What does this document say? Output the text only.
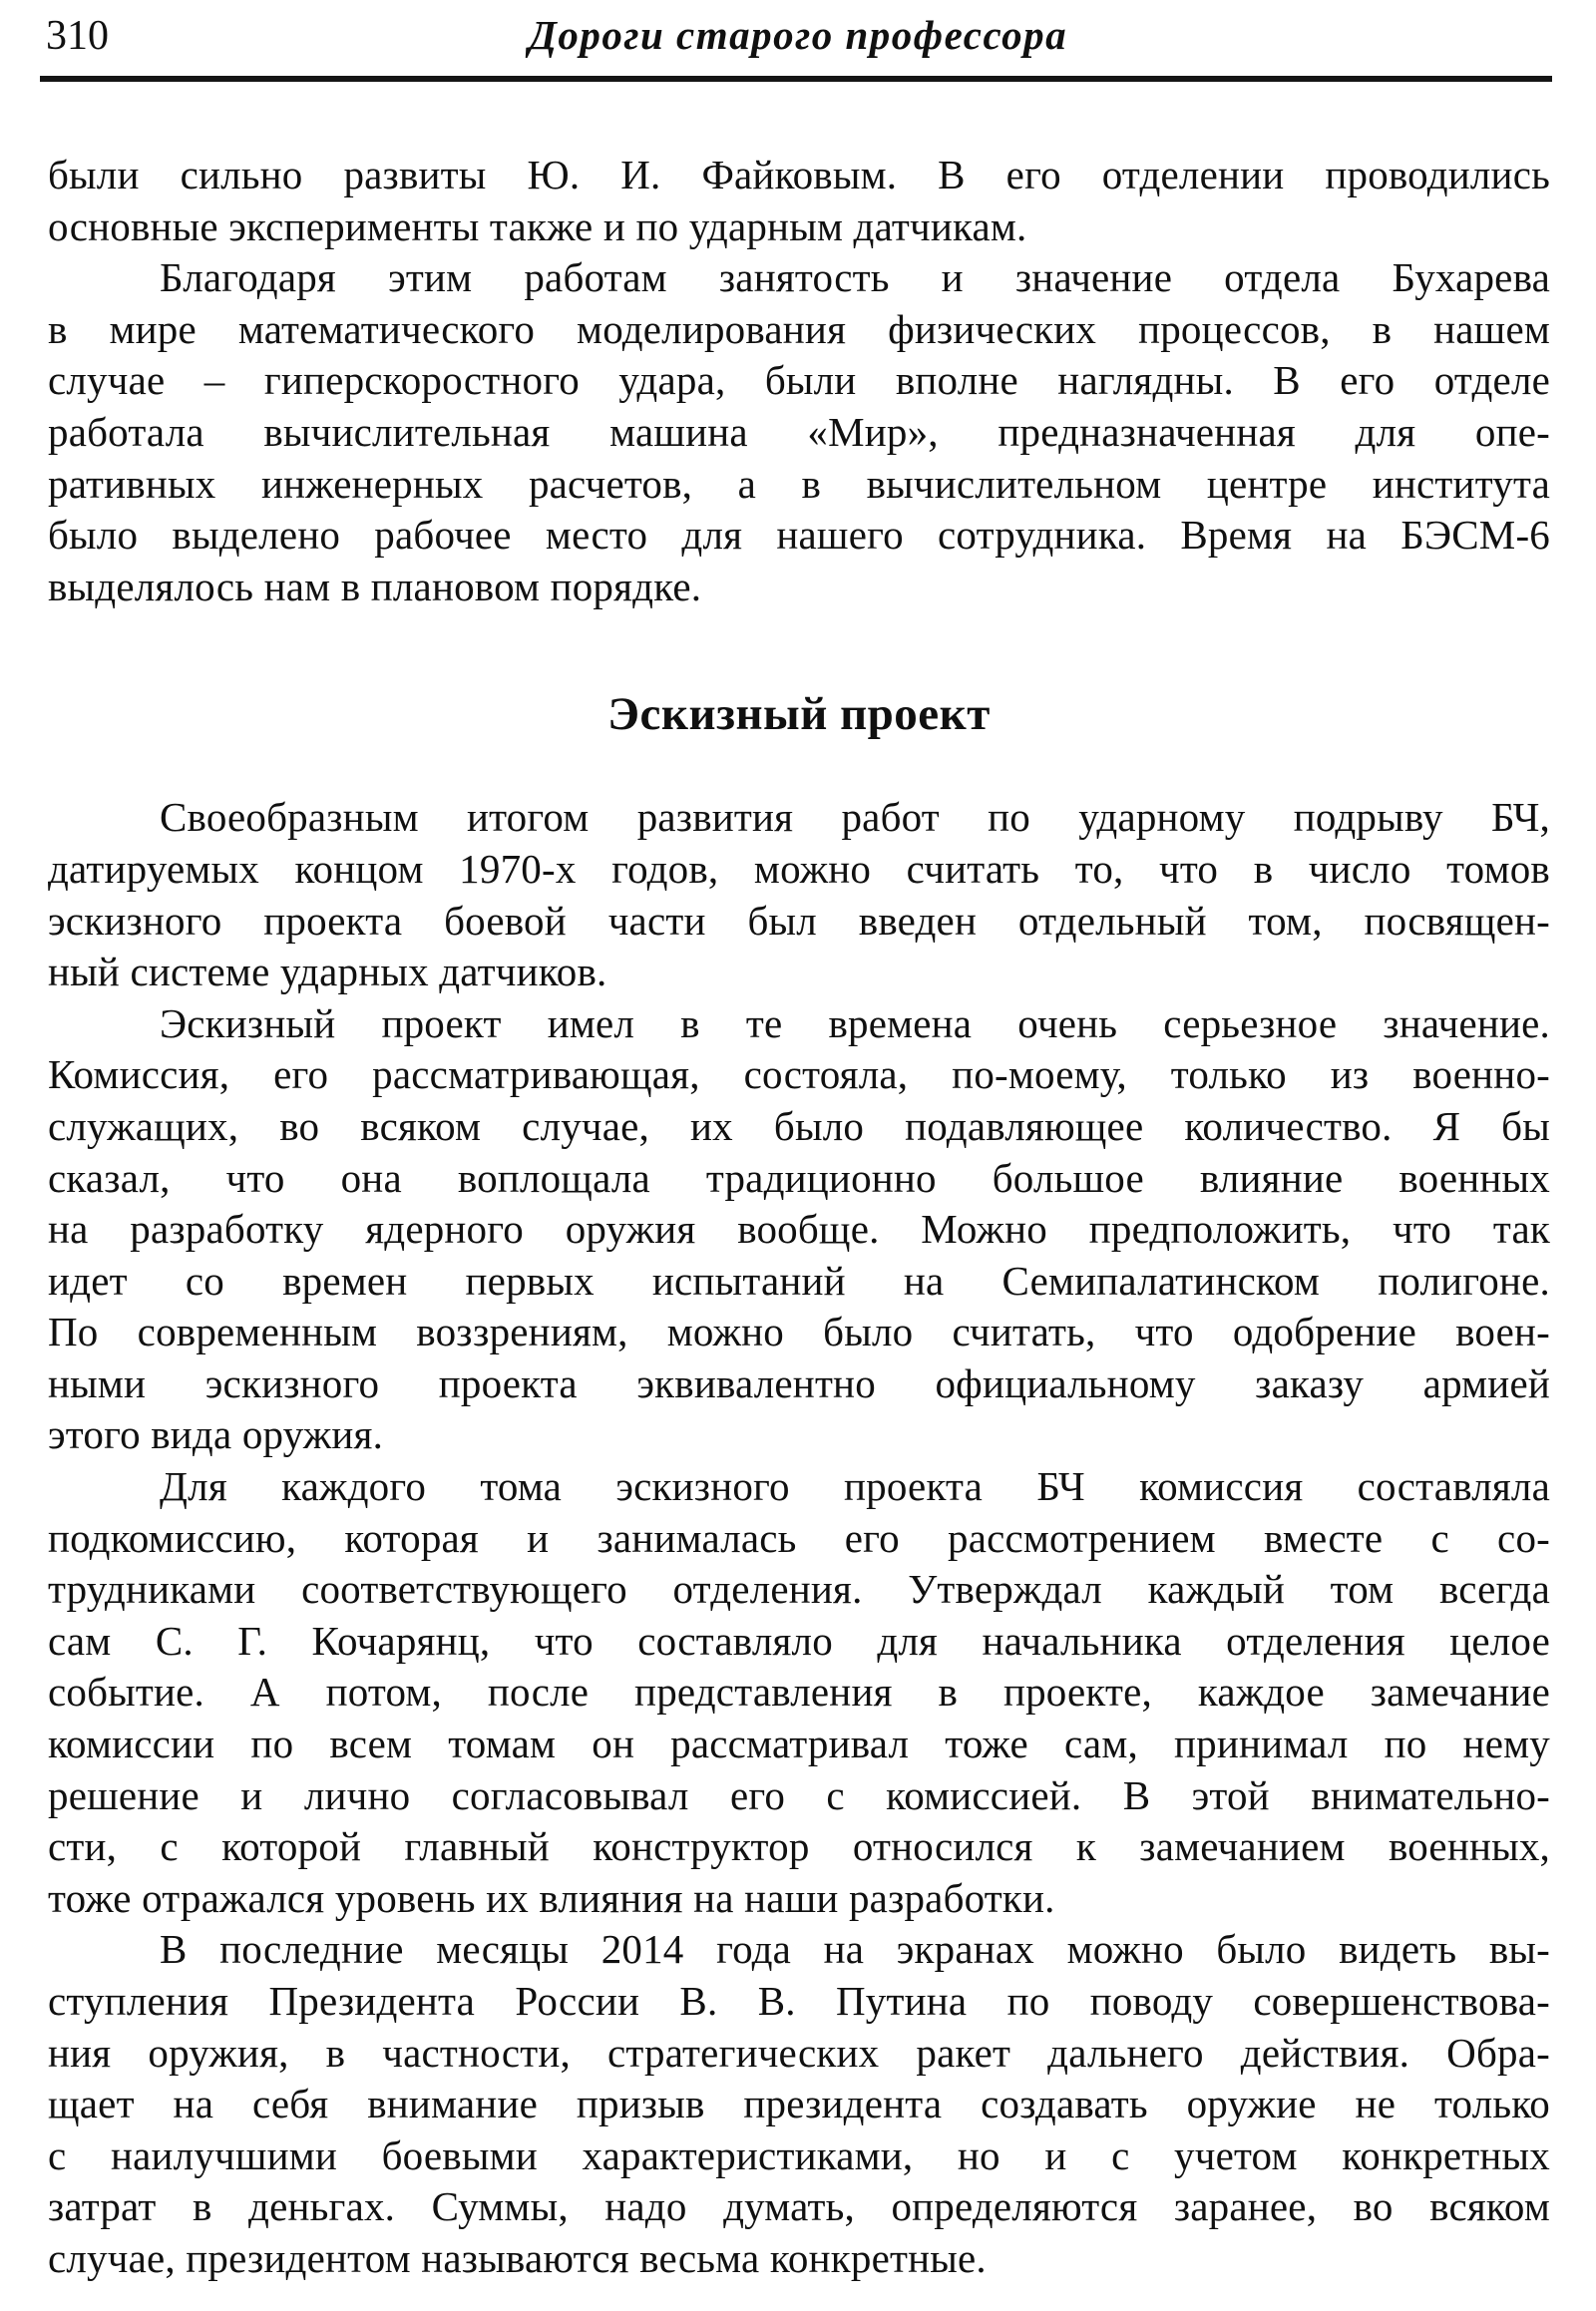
310	Дороги старого профессора
были сильно развиты Ю. И. Файковым. В его отделении проводились
основные эксперименты также и по ударным датчикам.
Благодаря этим работам занятость и значение отдела Бухарева
в мире математического моделирования физических процессов, в нашем
случае – гиперскоростного удара, были вполне наглядны. В его отделе
работала вычислительная машина «Мир», предназначенная для опе-
ративных инженерных расчетов, а в вычислительном центре института
было выделено рабочее место для нашего сотрудника. Время на БЭСМ-6
выделялось нам в плановом порядке.
Эскизный проект
Своеобразным итогом развития работ по ударному подрыву БЧ,
датируемых концом 1970-х годов, можно считать то, что в число томов
эскизного проекта боевой части был введен отдельный том, посвящен-
ный системе ударных датчиков.
Эскизный проект имел в те времена очень серьезное значение.
Комиссия, его рассматривающая, состояла, по-моему, только из военно-
служащих, во всяком случае, их было подавляющее количество. Я бы
сказал, что она воплощала традиционно большое влияние военных
на разработку ядерного оружия вообще. Можно предположить, что так
идет со времен первых испытаний на Семипалатинском полигоне.
По современным воззрениям, можно было считать, что одобрение воен-
ными эскизного проекта эквивалентно официальному заказу армией
этого вида оружия.
Для каждого тома эскизного проекта БЧ комиссия составляла
подкомиссию, которая и занималась его рассмотрением вместе с со-
трудниками соответствующего отделения. Утверждал каждый том всегда
сам С. Г. Кочарянц, что составляло для начальника отделения целое
событие. А потом, после представления в проекте, каждое замечание
комиссии по всем томам он рассматривал тоже сам, принимал по нему
решение и лично согласовывал его с комиссией. В этой внимательно-
сти, с которой главный конструктор относился к замечанием военных,
тоже отражался уровень их влияния на наши разработки.
В последние месяцы 2014 года на экранах можно было видеть вы-
ступления Президента России В. В. Путина по поводу совершенствова-
ния оружия, в частности, стратегических ракет дальнего действия. Обра-
щает на себя внимание призыв президента создавать оружие не только
с наилучшими боевыми характеристиками, но и с учетом конкретных
затрат в деньгах. Суммы, надо думать, определяются заранее, во всяком
случае, президентом называются весьма конкретные.
